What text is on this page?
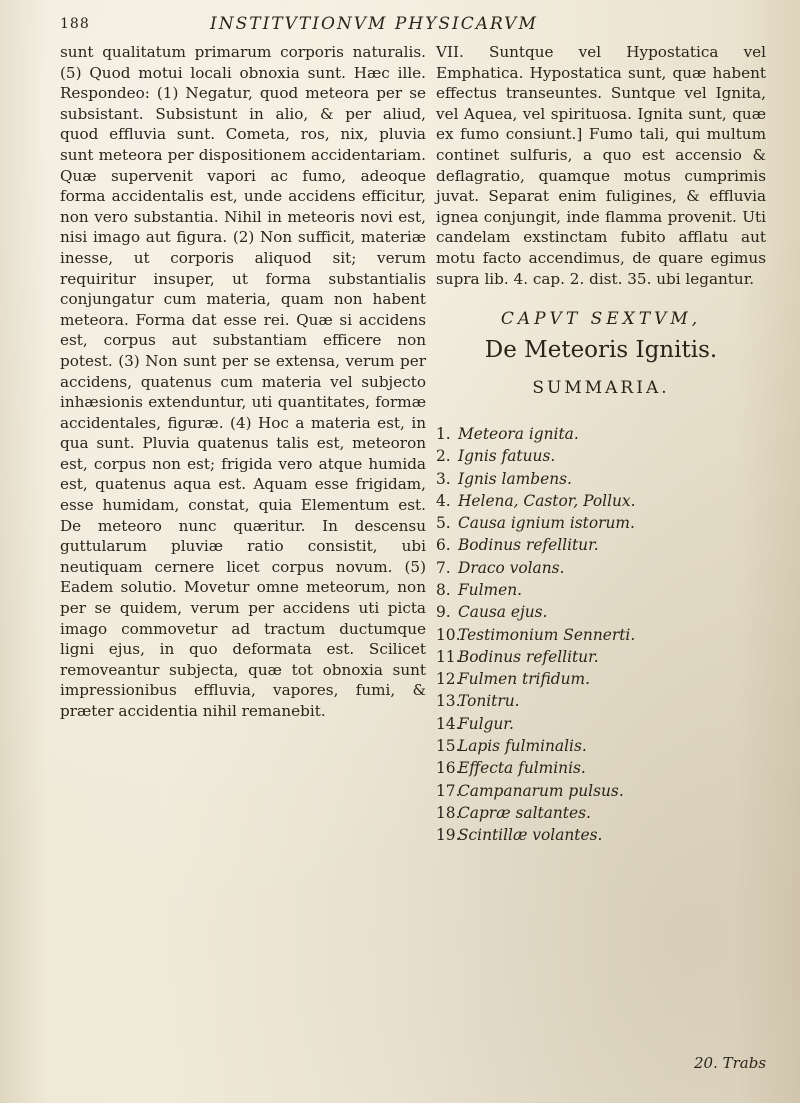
188	INSTITVTIONVM PHYSICARVM

sunt qualitatum primarum corporis naturalis. (5) Quod motui locali obnoxia sunt. Hæc ille. Respondeo: (1) Negatur, quod meteora per se subsistant. Subsistunt in alio, & per aliud, quod effluvia sunt. Cometa, ros, nix, pluvia sunt meteora per dispositionem accidentariam. Quæ supervenit vapori ac fumo, adeoque forma accidentalis est, unde accidens efficitur, non vero substantia. Nihil in meteoris novi est, nisi imago aut figura. (2) Non sufficit, materiæ inesse, ut corporis aliquod sit; verum requiritur insuper, ut forma substantialis conjungatur cum materia, quam non habent meteora. Forma dat esse rei. Quæ si accidens est, corpus aut substantiam efficere non potest. (3) Non sunt per se extensa, verum per accidens, quatenus cum materia vel subjecto inhæsionis extenduntur, uti quantitates, formæ accidentales, figuræ. (4) Hoc a materia est, in qua sunt. Pluvia quatenus talis est, meteoron est, corpus non est; frigida vero atque humida est, quatenus aqua est. Aquam esse frigidam, esse humidam, constat, quia Elementum est. De meteoro nunc quæritur. In descensu guttularum pluviæ ratio consistit, ubi neutiquam cernere licet corpus novum. (5) Eadem solutio. Movetur omne meteorum, non per se quidem, verum per accidens uti picta imago commovetur ad tractum ductumque ligni ejus, in quo deformata est. Scilicet removeantur subjecta, quæ tot obnoxia sunt impressionibus effluvia, vapores, fumi, & præter accidentia nihil remanebit.

VII. Suntque vel Hypostatica vel Emphatica. Hypostatica sunt, quæ habent effectus transeuntes. Suntque vel Ignita, vel Aquea, vel spirituosa. Ignita sunt, quæ ex fumo consiunt.] Fumo tali, qui multum continet sulfuris, a quo est accensio & deflagratio, quamque motus cumprimis juvat. Separat enim fuligines, & effluvia ignea conjungit, inde flamma provenit. Uti candelam exstinctam fubito afflatu aut motu facto accendimus, de quare egimus supra lib. 4. cap. 2. dist. 35. ubi legantur.

CAPVT SEXTVM,
De Meteoris Ignitis.
SUMMARIA.
1. Meteora ignita.
2. Ignis fatuus.
3. Ignis lambens.
4. Helena, Castor, Pollux.
5. Causa ignium istorum.
6. Bodinus refellitur.
7. Draco volans.
8. Fulmen.
9. Causa ejus.
10.
Testimonium Sennerti.
11.
Bodinus refellitur.
12.
Fulmen trifidum.
13.
Tonitru.
14.
Fulgur.
15.
Lapis fulminalis.
16.
Effecta fulminis.
17.
Campanarum pulsus.
18.
Capræ saltantes.
19.
Scintillæ volantes.
20. Trabs
